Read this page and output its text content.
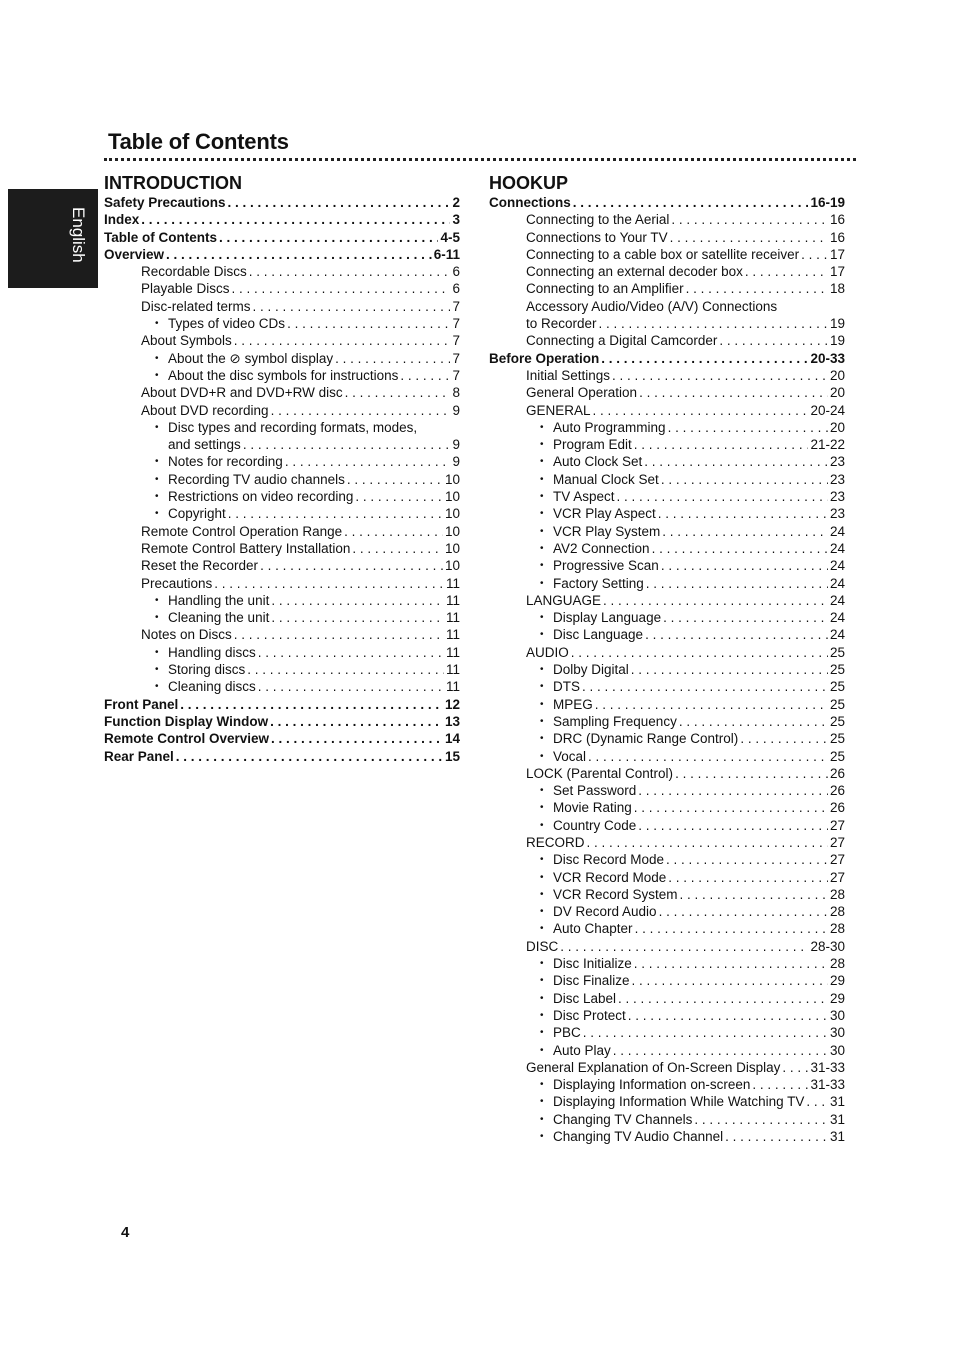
Table of Contents
English
INTRODUCTION
Safety Precautions . . .	2
Index . . .	3
Table of Contents . . .	4-5
Overview . . .	6-11
Recordable Discs . . .	6
Playable Discs . . .	6
Disc-related terms . . .	7
• Types of video CDs . . .	7
About Symbols . . .	7
• About the ⊘ symbol display . . .	7
• About the disc symbols for instructions . . .	7
About DVD+R and DVD+RW disc . . .	8
About DVD recording . . .	9
• Disc types and recording formats, modes,
and settings . . .	9
• Notes for recording . . .	9
• Recording TV audio channels . . .	10
• Restrictions on video recording . . .	10
• Copyright . . .	10
Remote Control Operation Range . . .	10
Remote Control Battery Installation . . .	10
Reset the Recorder . . .	10
Precautions . . .	11
• Handling the unit . . .	11
• Cleaning the unit . . .	11
Notes on Discs . . .	11
• Handling discs . . .	11
• Storing discs . . .	11
• Cleaning discs . . .	11
Front Panel . . .	12
Function Display Window . . .	13
Remote Control Overview . . .	14
Rear Panel . . .	15
HOOKUP
Connections . . .	16-19
Connecting to the Aerial . . .	16
Connections to Your TV . . .	16
Connecting to a cable box or satellite receiver . . . 17
Connecting an external decoder box . . .	17
Connecting to an Amplifier . . .	18
Accessory Audio/Video (A/V) Connections
to Recorder . . .	19
Connecting a Digital Camcorder . . .	19
Before Operation . . .	20-33
Initial Settings . . .	20
General Operation . . .	20
GENERAL . . .	20-24
• Auto Programming . . .	20
• Program Edit . . .	21-22
• Auto Clock Set . . .	23
• Manual Clock Set . . .	23
• TV Aspect . . .	23
• VCR Play Aspect . . .	23
• VCR Play System . . .	24
• AV2 Connection . . .	24
• Progressive Scan . . .	24
• Factory Setting . . .	24
LANGUAGE . . .	24
• Display Language . . .	24
• Disc Language . . .	24
AUDIO . . .	25
• Dolby Digital . . .	25
• DTS . . .	25
• MPEG . . .	25
• Sampling Frequency . . .	25
• DRC (Dynamic Range Control) . . .	25
• Vocal . . .	25
LOCK (Parental Control) . . .	26
• Set Password . . .	26
• Movie Rating . . .	26
• Country Code . . .	27
RECORD . . .	27
• Disc Record Mode . . .	27
• VCR Record Mode . . .	27
• VCR Record System . . .	28
• DV Record Audio . . .	28
• Auto Chapter . . .	28
DISC . . .	28-30
• Disc Initialize . . .	28
• Disc Finalize . . .	29
• Disc Label . . .	29
• Disc Protect . . .	30
• PBC . . .	30
• Auto Play . . .	30
General Explanation of On-Screen Display . . . 31-33
• Displaying Information on-screen . . .	31-33
• Displaying Information While Watching TV . . . 31
• Changing TV Channels . . .	31
• Changing TV Audio Channel . . .	31
4
